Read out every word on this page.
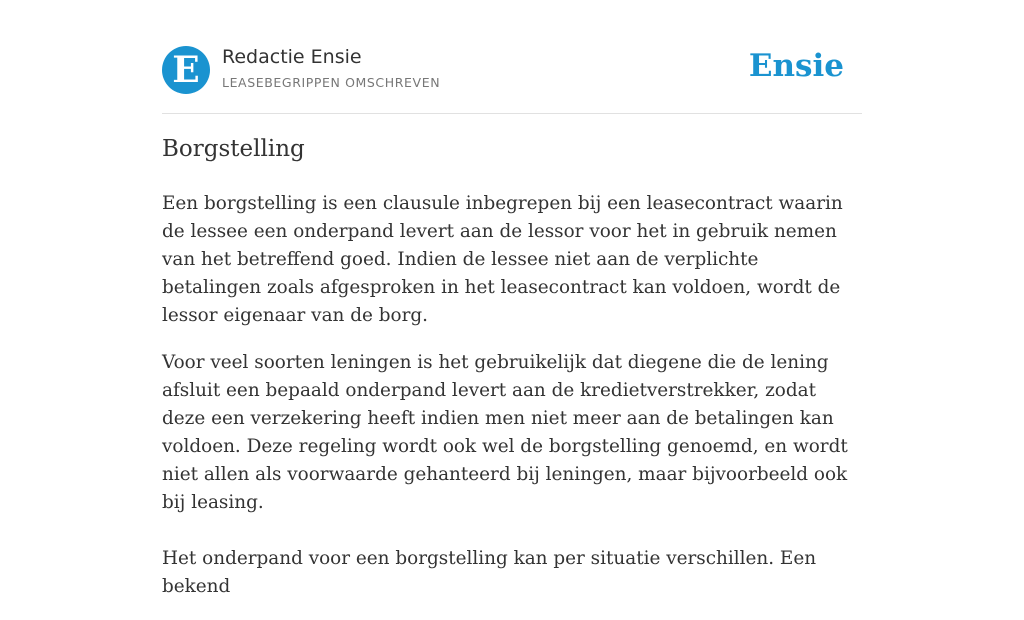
E Redactie Ensie
LEASEBEGRIPPEN OMSCHREVEN	Ensie
Borgstelling

Een borgstelling is een clausule inbegrepen bij een leasecontract waarin de lessee een onderpand levert aan de lessor voor het in gebruik nemen van het betreffend goed. Indien de lessee niet aan de verplichte betalingen zoals afgesproken in het leasecontract kan voldoen, wordt de lessor eigenaar van de borg.

Voor veel soorten leningen is het gebruikelijk dat diegene die de lening afsluit een bepaald onderpand levert aan de kredietverstrekker, zodat deze een verzekering heeft indien men niet meer aan de betalingen kan voldoen. Deze regeling wordt ook wel de borgstelling genoemd, en wordt niet allen als voorwaarde gehanteerd bij leningen, maar bijvoorbeeld ook bij leasing.

Het onderpand voor een borgstelling kan per situatie verschillen. Een bekend
